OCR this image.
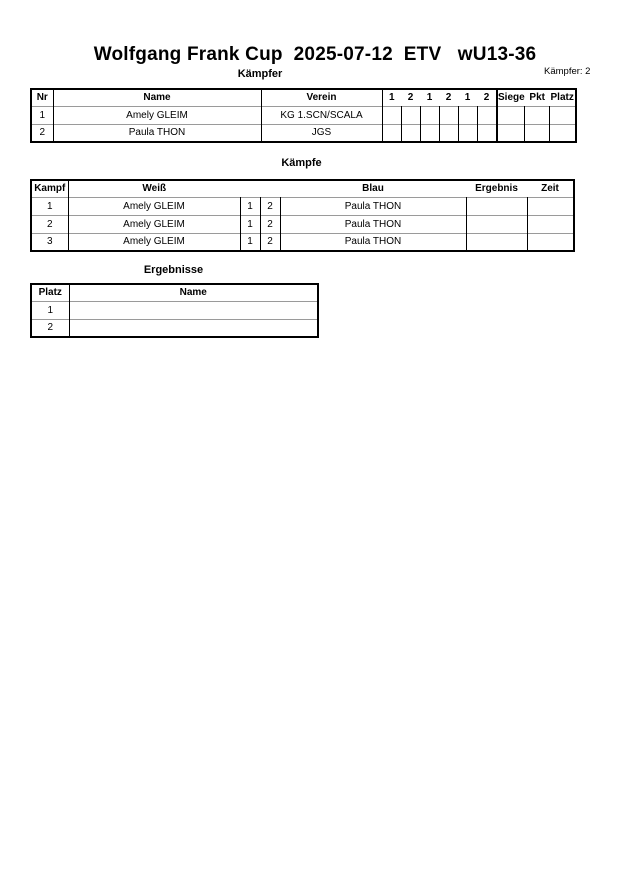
Wolfgang Frank Cup  2025-07-12  ETV   wU13-36
Kämpfer	Kämpfer: 2
Nr	Name	Verein	1	2	1	2	1	2	Siege	Pkt	Platz
1	Amely GLEIM	KG 1.SCN/SCALA									
2	Paula THON	JGS									
Kämpfe
Kampf	Weiß			Blau	Ergebnis	Zeit
1	Amely GLEIM	1	2	Paula THON		
2	Amely GLEIM	1	2	Paula THON		
3	Amely GLEIM	1	2	Paula THON		
Ergebnisse
Platz	Name
1	
2	
